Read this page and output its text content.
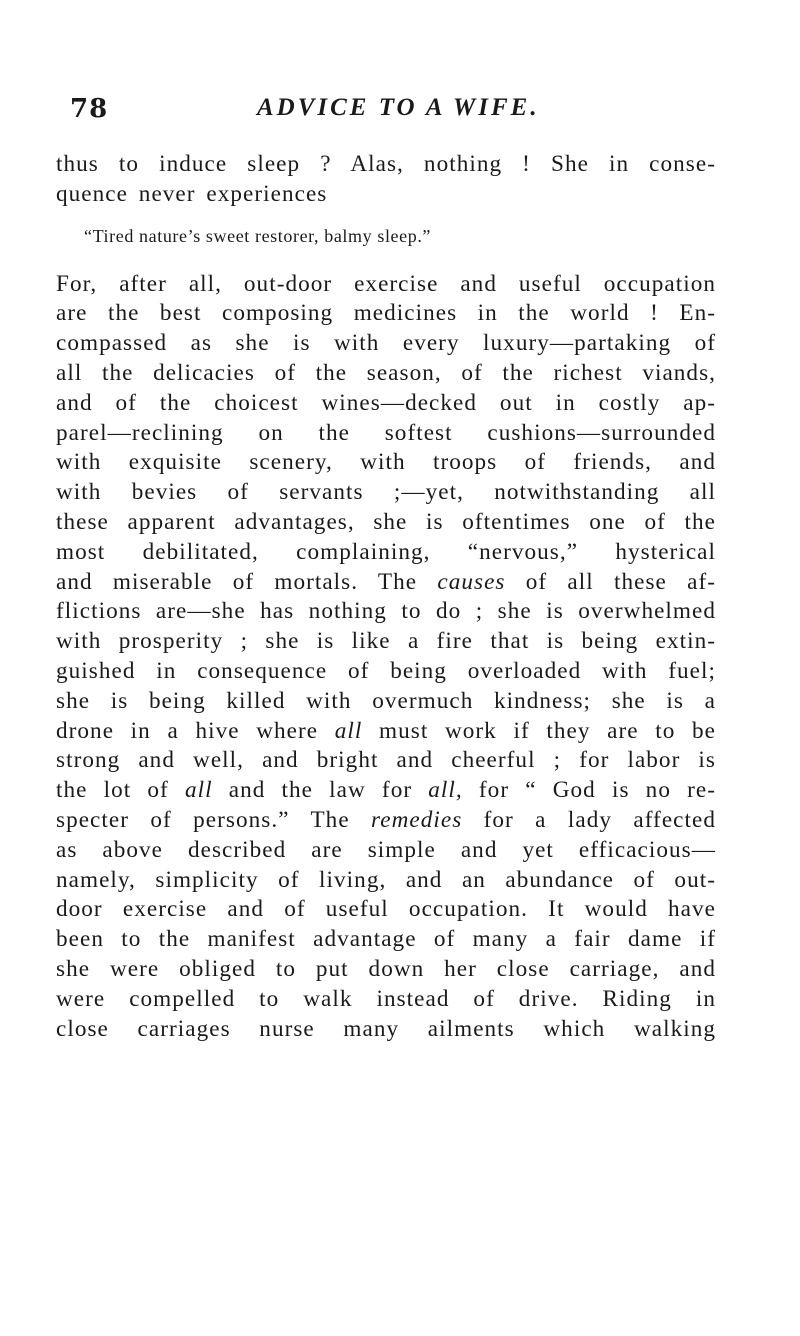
78	ADVICE TO A WIFE.
thus to induce sleep ? Alas, nothing ! She in conse-
quence never experiences
“Tired nature’s sweet restorer, balmy sleep.”
For, after all, out-door exercise and useful occupation
are the best composing medicines in the world ! En-
compassed as she is with every luxury—partaking of
all the delicacies of the season, of the richest viands,
and of the choicest wines—decked out in costly ap-
parel—reclining on the softest cushions—surrounded
with exquisite scenery, with troops of friends, and
with bevies of servants ;—yet, notwithstanding all
these apparent advantages, she is oftentimes one of the
most debilitated, complaining, “nervous,” hysterical
and miserable of mortals. The causes of all these af-
flictions are—she has nothing to do ; she is overwhelmed
with prosperity ; she is like a fire that is being extin-
guished in consequence of being overloaded with fuel;
she is being killed with overmuch kindness; she is a
drone in a hive where all must work if they are to be
strong and well, and bright and cheerful ; for labor is
the lot of all and the law for all, for “ God is no re-
specter of persons.” The remedies for a lady affected
as above described are simple and yet efficacious—
namely, simplicity of living, and an abundance of out-
door exercise and of useful occupation. It would have
been to the manifest advantage of many a fair dame if
she were obliged to put down her close carriage, and
were compelled to walk instead of drive. Riding in
close carriages nurse many ailments which walking
